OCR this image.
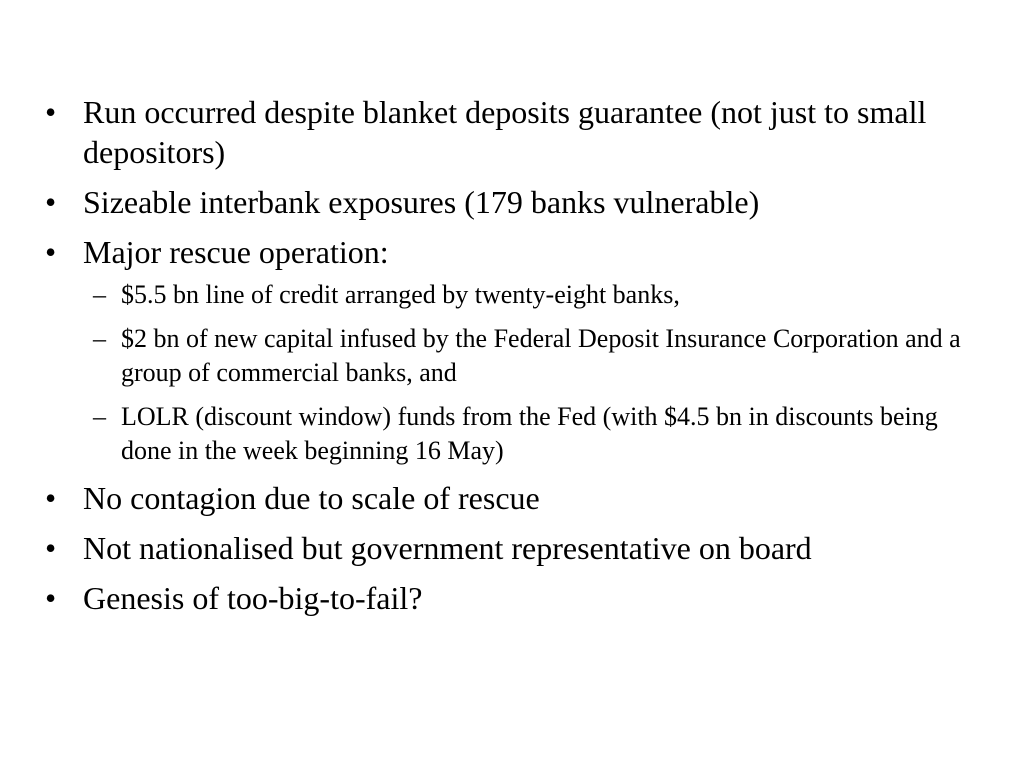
• Run occurred despite blanket deposits guarantee (not just to small depositors)
• Sizeable interbank exposures (179 banks vulnerable)
• Major rescue operation:
– $5.5 bn line of credit arranged by twenty-eight banks,
– $2 bn of new capital infused by the Federal Deposit Insurance Corporation and a group of commercial banks, and
– LOLR (discount window) funds from the Fed (with $4.5 bn in discounts being done in the week beginning 16 May)
• No contagion due to scale of rescue
• Not nationalised but government representative on board
• Genesis of too-big-to-fail?
